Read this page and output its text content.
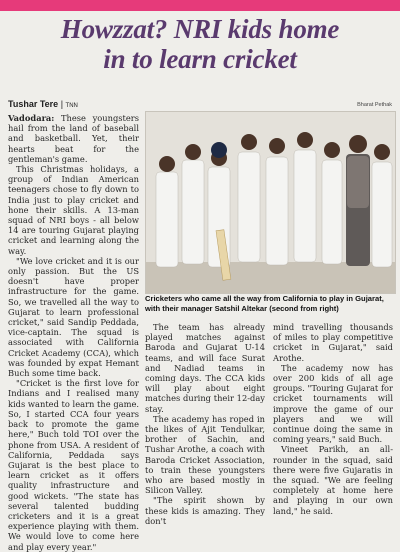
Howzzat? NRI kids home
in to learn cricket
Tushar Tere | TNN	Bharat Pethak

Vadodara: These youngsters hail from the land of baseball and basketball. Yet, their hearts beat for the gentleman's game.

This Christmas holidays, a group of Indian American teenagers chose to fly down to India just to play cricket and hone their skills. A 13-man squad of NRI boys - all below 14 are touring Gujarat playing cricket and learning along the way.

"We love cricket and it is our only passion. But the US doesn't have proper infrastructure for the game. So, we travelled all the way to Gujarat to learn professional cricket," said Sandip Peddada, vice-captain. The squad is associated with California Cricket Academy (CCA), which was founded by expat Hemant Buch some time back.

"Cricket is the first love for Indians and I realised many kids wanted to learn the game. So, I started CCA four years back to promote the game here," Buch told TOI over the phone from USA. A resident of California, Peddada says Gujarat is the best place to learn cricket as it offers quality infrastructure and good wickets. "The state has several talented budding cricketers and it is a great experience playing with them. We would love to come here and play every year."

Cricketers who came all the way from California to play in Gujarat, with their manager Satshil Altekar (second from right)

The team has already played matches against Baroda and Gujarat U-14 teams, and will face Surat and Nadiad teams in coming days. The CCA kids will play about eight matches during their 12-day stay.

The academy has roped in the likes of Ajit Tendulkar, brother of Sachin, and Tushar Arothe, a coach with Baroda Cricket Association, to train these youngsters who are based mostly in Silicon Valley.

"The spirit shown by these kids is amazing. They don't

mind travelling thousands of miles to play competitive cricket in Gujarat," said Arothe.

The academy now has over 200 kids of all age groups. "Touring Gujarat for cricket tournaments will improve the game of our players and we will continue doing the same in coming years," said Buch.

Vineet Parikh, an all-rounder in the squad, said there were five Gujaratis in the squad. "We are feeling completely at home here and playing in our own land," he said.
